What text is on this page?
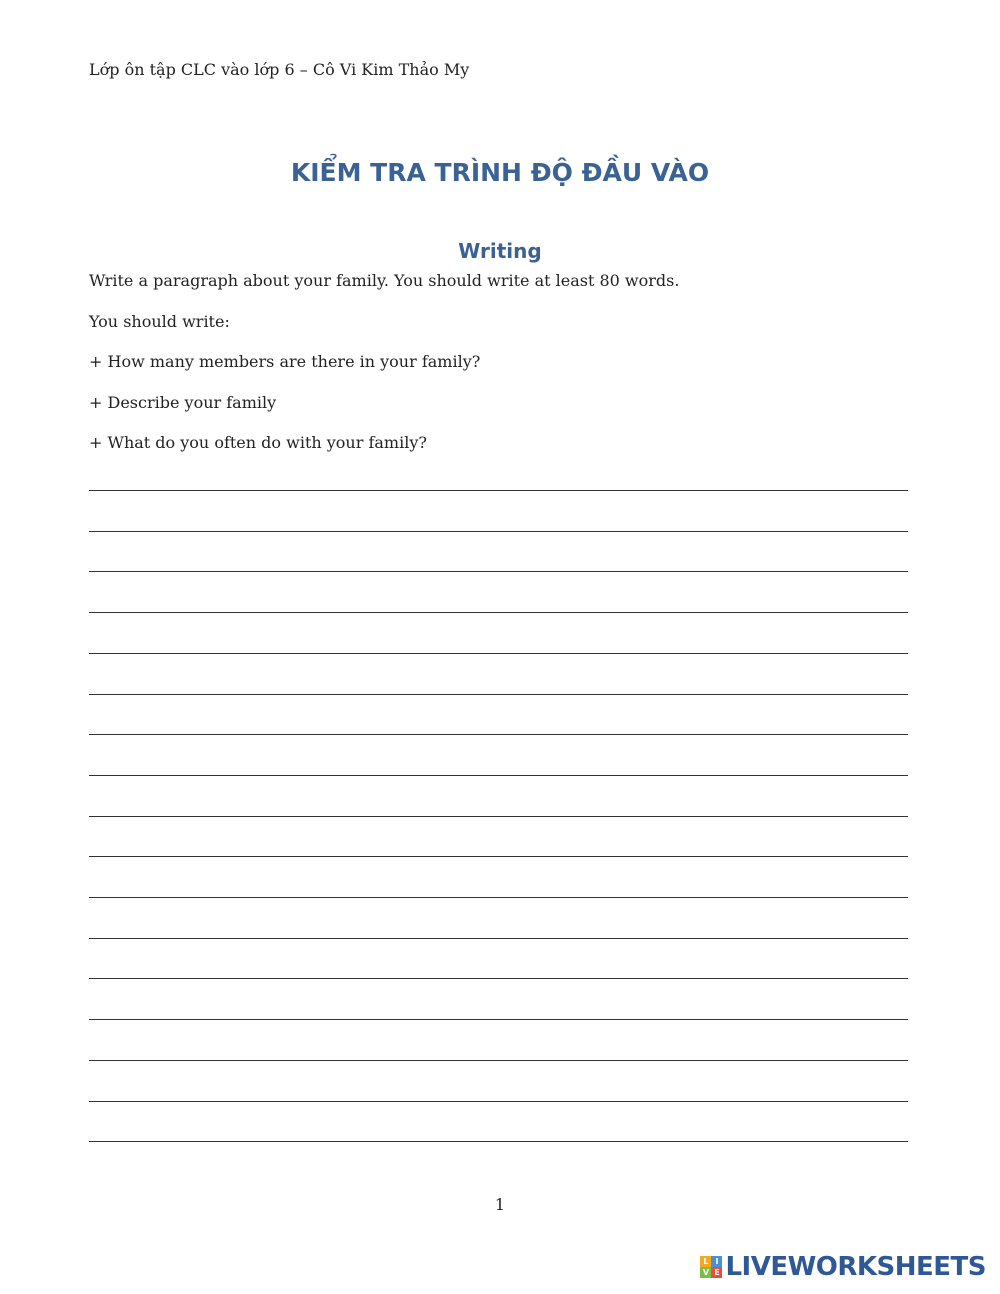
Lớp ôn tập CLC vào lớp 6 – Cô Vi Kim Thảo My
KIỂM TRA TRÌNH ĐỘ ĐẦU VÀO
Writing
Write a paragraph about your family. You should write at least 80 words.
You should write:
+ How many members are there in your family?
+ Describe your family
+ What do you often do with your family?
1
L I
V E LIVEWORKSHEETS
